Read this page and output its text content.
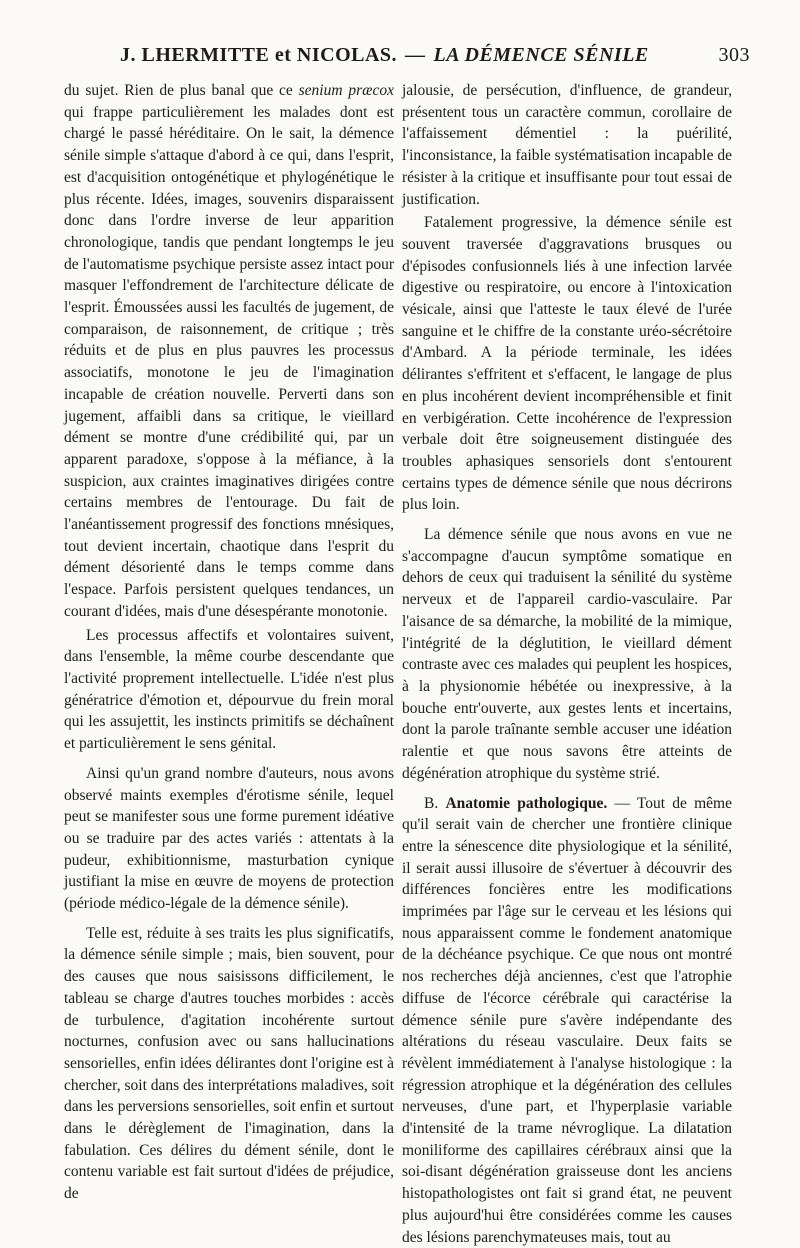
J. LHERMITTE et NICOLAS. — LA DÉMENCE SÉNILE	303

du sujet. Rien de plus banal que ce senium præcox qui frappe particulièrement les malades dont est chargé le passé héréditaire. On le sait, la démence sénile simple s'attaque d'abord à ce qui, dans l'esprit, est d'acquisition ontogénétique et phylogénétique le plus récente. Idées, images, souvenirs disparaissent donc dans l'ordre inverse de leur apparition chronologique, tandis que pendant longtemps le jeu de l'automatisme psychique persiste assez intact pour masquer l'effondrement de l'architecture délicate de l'esprit. Émoussées aussi les facultés de jugement, de comparaison, de raisonnement, de critique ; très réduits et de plus en plus pauvres les processus associatifs, monotone le jeu de l'imagination incapable de création nouvelle. Perverti dans son jugement, affaibli dans sa critique, le vieillard dément se montre d'une crédibilité qui, par un apparent paradoxe, s'oppose à la méfiance, à la suspicion, aux craintes imaginatives dirigées contre certains membres de l'entourage. Du fait de l'anéantissement progressif des fonctions mnésiques, tout devient incertain, chaotique dans l'esprit du dément désorienté dans le temps comme dans l'espace. Parfois persistent quelques tendances, un courant d'idées, mais d'une désespérante monotonie.

Les processus affectifs et volontaires suivent, dans l'ensemble, la même courbe descendante que l'activité proprement intellectuelle. L'idée n'est plus génératrice d'émotion et, dépourvue du frein moral qui les assujettit, les instincts primitifs se déchaînent et particulièrement le sens génital.

Ainsi qu'un grand nombre d'auteurs, nous avons observé maints exemples d'érotisme sénile, lequel peut se manifester sous une forme purement idéative ou se traduire par des actes variés : attentats à la pudeur, exhibitionnisme, masturbation cynique justifiant la mise en œuvre de moyens de protection (période médico-légale de la démence sénile).

Telle est, réduite à ses traits les plus significatifs, la démence sénile simple ; mais, bien souvent, pour des causes que nous saisissons difficilement, le tableau se charge d'autres touches morbides : accès de turbulence, d'agitation incohérente surtout nocturnes, confusion avec ou sans hallucinations sensorielles, enfin idées délirantes dont l'origine est à chercher, soit dans des interprétations maladives, soit dans les perversions sensorielles, soit enfin et surtout dans le dérèglement de l'imagination, dans la fabulation. Ces délires du dément sénile, dont le contenu variable est fait surtout d'idées de préjudice, de

jalousie, de persécution, d'influence, de grandeur, présentent tous un caractère commun, corollaire de l'affaissement démentiel : la puérilité, l'inconsistance, la faible systématisation incapable de résister à la critique et insuffisante pour tout essai de justification.

Fatalement progressive, la démence sénile est souvent traversée d'aggravations brusques ou d'épisodes confusionnels liés à une infection larvée digestive ou respiratoire, ou encore à l'intoxication vésicale, ainsi que l'atteste le taux élevé de l'urée sanguine et le chiffre de la constante uréo-sécrétoire d'Ambard. A la période terminale, les idées délirantes s'effritent et s'effacent, le langage de plus en plus incohérent devient incompréhensible et finit en verbigération. Cette incohérence de l'expression verbale doit être soigneusement distinguée des troubles aphasiques sensoriels dont s'entourent certains types de démence sénile que nous décrirons plus loin.

La démence sénile que nous avons en vue ne s'accompagne d'aucun symptôme somatique en dehors de ceux qui traduisent la sénilité du système nerveux et de l'appareil cardio-vasculaire. Par l'aisance de sa démarche, la mobilité de la mimique, l'intégrité de la déglutition, le vieillard dément contraste avec ces malades qui peuplent les hospices, à la physionomie hébétée ou inexpressive, à la bouche entr'ouverte, aux gestes lents et incertains, dont la parole traînante semble accuser une idéation ralentie et que nous savons être atteints de dégénération atrophique du système strié.

B. Anatomie pathologique. — Tout de même qu'il serait vain de chercher une frontière clinique entre la sénescence dite physiologique et la sénilité, il serait aussi illusoire de s'évertuer à découvrir des différences foncières entre les modifications imprimées par l'âge sur le cerveau et les lésions qui nous apparaissent comme le fondement anatomique de la déchéance psychique. Ce que nous ont montré nos recherches déjà anciennes, c'est que l'atrophie diffuse de l'écorce cérébrale qui caractérise la démence sénile pure s'avère indépendante des altérations du réseau vasculaire. Deux faits se révèlent immédiatement à l'analyse histologique : la régression atrophique et la dégénération des cellules nerveuses, d'une part, et l'hyperplasie variable d'intensité de la trame névroglique. La dilatation moniliforme des capillaires cérébraux ainsi que la soi-disant dégénération graisseuse dont les anciens histopathologistes ont fait si grand état, ne peuvent plus aujourd'hui être considérées comme les causes des lésions parenchymateuses mais, tout au
